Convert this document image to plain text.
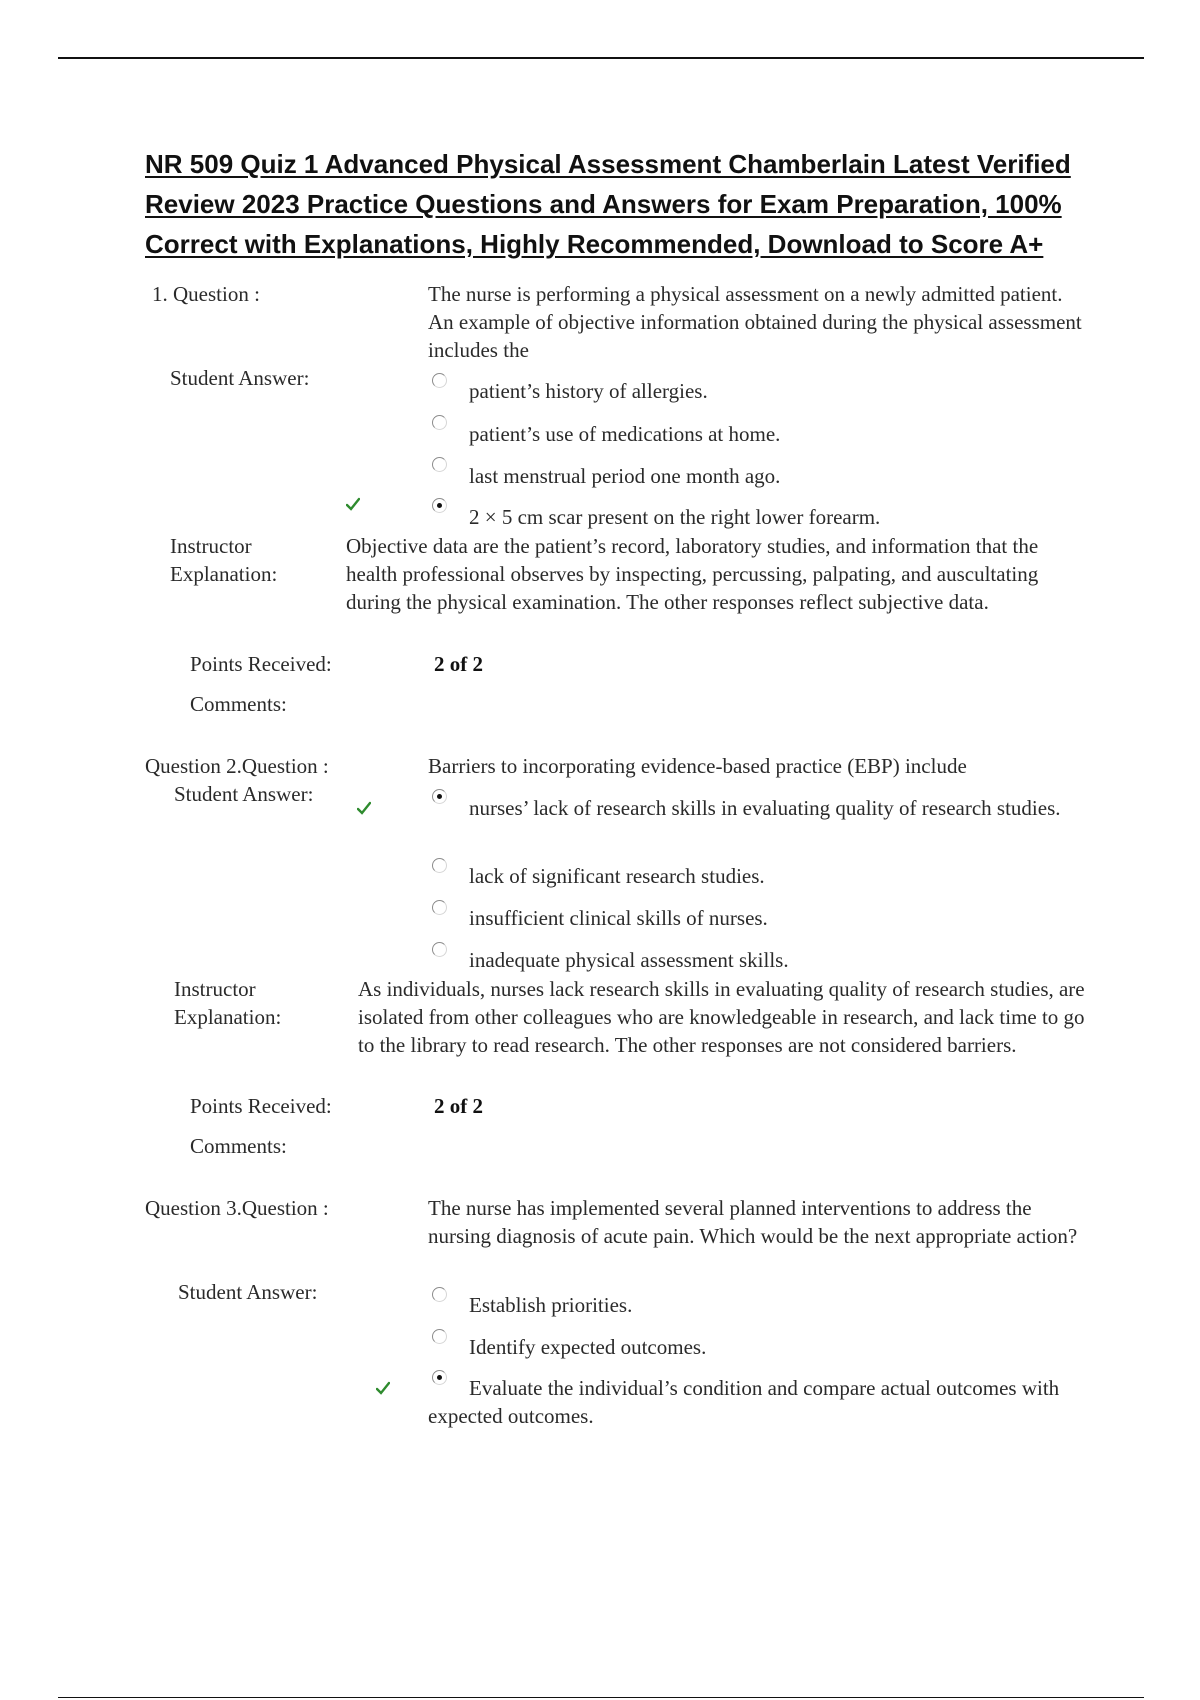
NR 509 Quiz 1 Advanced Physical Assessment Chamberlain Latest Verified Review 2023 Practice Questions and Answers for Exam Preparation, 100% Correct with Explanations, Highly Recommended, Download to Score A+
1. Question :	The nurse is performing a physical assessment on a newly admitted patient. An example of objective information obtained during the physical assessment includes the
Student Answer:
patient’s history of allergies.
patient’s use of medications at home.
last menstrual period one month ago.
2 × 5 cm scar present on the right lower forearm.
Instructor
Explanation:
Objective data are the patient’s record, laboratory studies, and information that the health professional observes by inspecting, percussing, palpating, and auscultating during the physical examination. The other responses reflect subjective data.
Points Received:	2 of 2
Comments:
Question 2.Question :	Barriers to incorporating evidence-based practice (EBP) include
Student Answer:
nurses’ lack of research skills in evaluating quality of research studies.
lack of significant research studies.
insufficient clinical skills of nurses.
inadequate physical assessment skills.
Instructor
Explanation:
As individuals, nurses lack research skills in evaluating quality of research studies, are isolated from other colleagues who are knowledgeable in research, and lack time to go to the library to read research. The other responses are not considered barriers.
Points Received:	2 of 2
Comments:
Question 3.Question :	The nurse has implemented several planned interventions to address the nursing diagnosis of acute pain. Which would be the next appropriate action?
Student Answer:
Establish priorities.
Identify expected outcomes.
Evaluate the individual’s condition and compare actual outcomes with expected outcomes.
